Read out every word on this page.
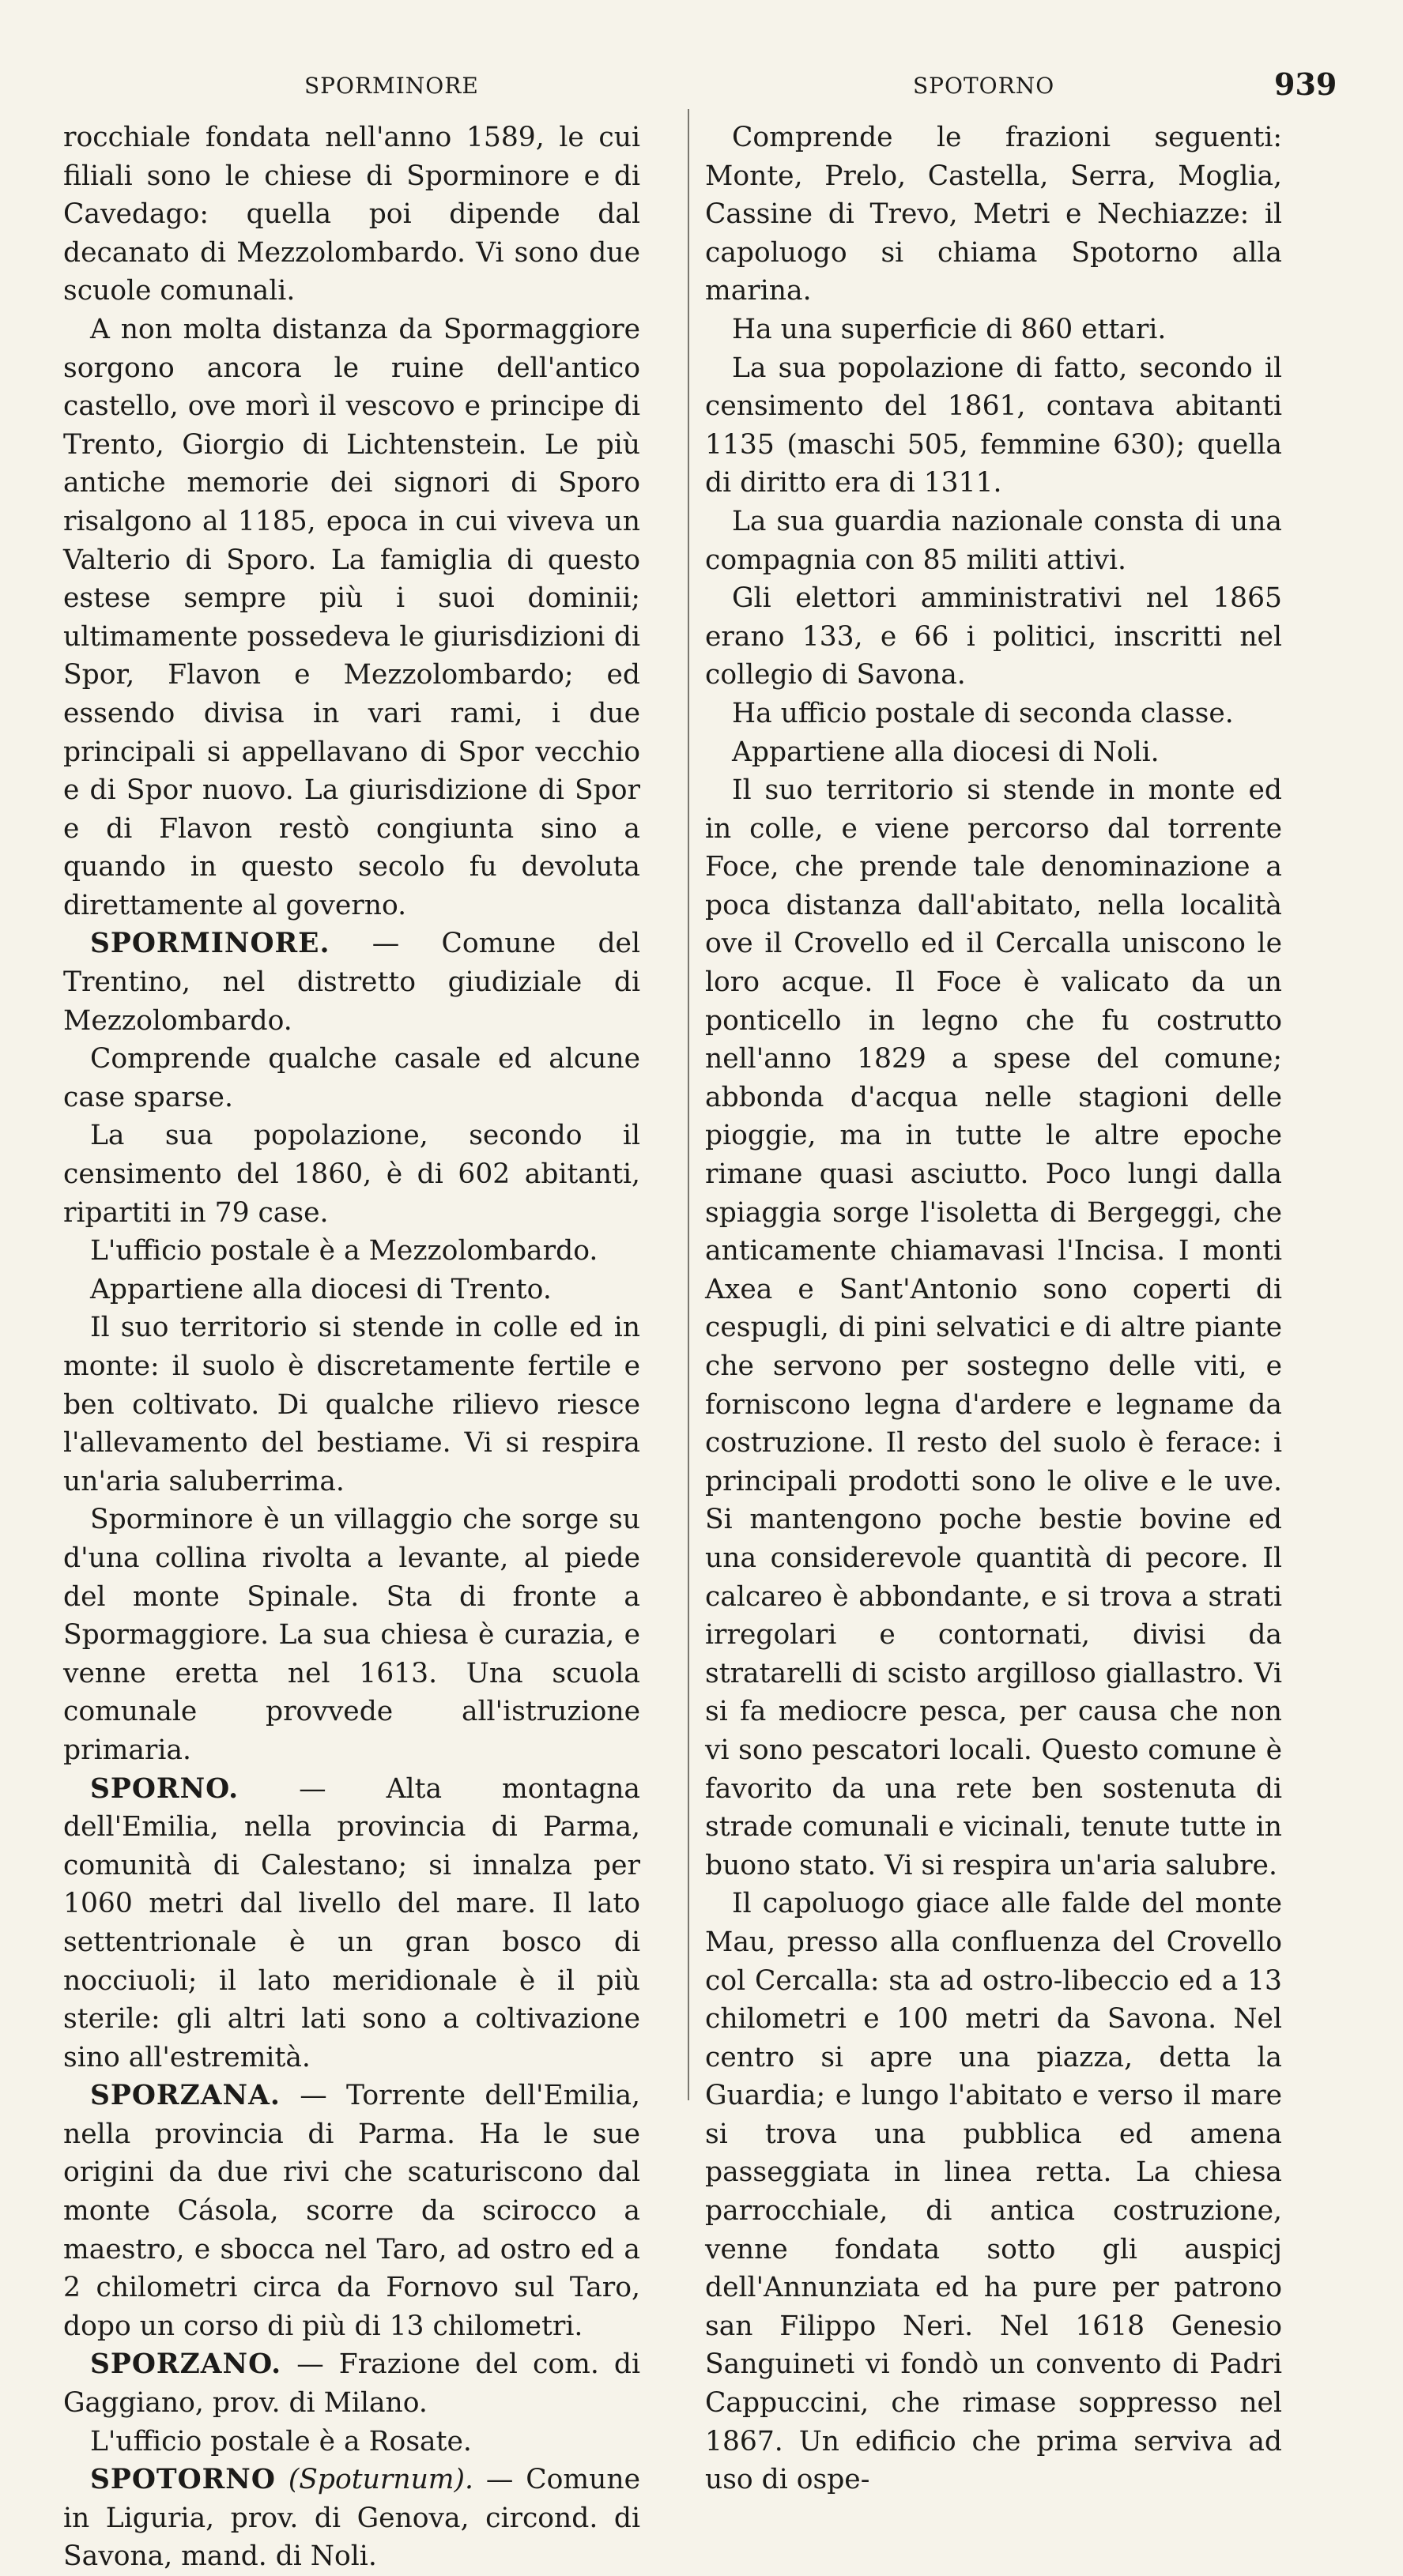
SPORMINORE	SPOTORNO	939

rocchiale fondata nell'anno 1589, le cui filiali sono le chiese di Sporminore e di Cavedago: quella poi dipende dal decanato di Mezzolombardo. Vi sono due scuole comunali.

A non molta distanza da Spormaggiore sorgono ancora le ruine dell'antico castello, ove morì il vescovo e principe di Trento, Giorgio di Lichtenstein. Le più antiche memorie dei signori di Sporo risalgono al 1185, epoca in cui viveva un Valterio di Sporo. La famiglia di questo estese sempre più i suoi dominii; ultimamente possedeva le giurisdizioni di Spor, Flavon e Mezzolombardo; ed essendo divisa in vari rami, i due principali si appellavano di Spor vecchio e di Spor nuovo. La giurisdizione di Spor e di Flavon restò congiunta sino a quando in questo secolo fu devoluta direttamente al governo.

SPORMINORE. — Comune del Trentino, nel distretto giudiziale di Mezzolombardo.

Comprende qualche casale ed alcune case sparse.

La sua popolazione, secondo il censimento del 1860, è di 602 abitanti, ripartiti in 79 case.

L'ufficio postale è a Mezzolombardo.

Appartiene alla diocesi di Trento.

Il suo territorio si stende in colle ed in monte: il suolo è discretamente fertile e ben coltivato. Di qualche rilievo riesce l'allevamento del bestiame. Vi si respira un'aria saluberrima.

Sporminore è un villaggio che sorge su d'una collina rivolta a levante, al piede del monte Spinale. Sta di fronte a Spormaggiore. La sua chiesa è curazia, e venne eretta nel 1613. Una scuola comunale provvede all'istruzione primaria.

SPORNO. — Alta montagna dell'Emilia, nella provincia di Parma, comunità di Calestano; si innalza per 1060 metri dal livello del mare. Il lato settentrionale è un gran bosco di nocciuoli; il lato meridionale è il più sterile: gli altri lati sono a coltivazione sino all'estremità.

SPORZANA. — Torrente dell'Emilia, nella provincia di Parma. Ha le sue origini da due rivi che scaturiscono dal monte Cásola, scorre da scirocco a maestro, e sbocca nel Taro, ad ostro ed a 2 chilometri circa da Fornovo sul Taro, dopo un corso di più di 13 chilometri.

SPORZANO. — Frazione del com. di Gaggiano, prov. di Milano.

L'ufficio postale è a Rosate.

SPOTORNO (Spoturnum). — Comune in Liguria, prov. di Genova, circond. di Savona, mand. di Noli.

Comprende le frazioni seguenti: Monte, Prelo, Castella, Serra, Moglia, Cassine di Trevo, Metri e Nechiazze: il capoluogo si chiama Spotorno alla marina.

Ha una superficie di 860 ettari.

La sua popolazione di fatto, secondo il censimento del 1861, contava abitanti 1135 (maschi 505, femmine 630); quella di diritto era di 1311.

La sua guardia nazionale consta di una compagnia con 85 militi attivi.

Gli elettori amministrativi nel 1865 erano 133, e 66 i politici, inscritti nel collegio di Savona.

Ha ufficio postale di seconda classe.

Appartiene alla diocesi di Noli.

Il suo territorio si stende in monte ed in colle, e viene percorso dal torrente Foce, che prende tale denominazione a poca distanza dall'abitato, nella località ove il Crovello ed il Cercalla uniscono le loro acque. Il Foce è valicato da un ponticello in legno che fu costrutto nell'anno 1829 a spese del comune; abbonda d'acqua nelle stagioni delle pioggie, ma in tutte le altre epoche rimane quasi asciutto. Poco lungi dalla spiaggia sorge l'isoletta di Bergeggi, che anticamente chiamavasi l'Incisa. I monti Axea e Sant'Antonio sono coperti di cespugli, di pini selvatici e di altre piante che servono per sostegno delle viti, e forniscono legna d'ardere e legname da costruzione. Il resto del suolo è ferace: i principali prodotti sono le olive e le uve. Si mantengono poche bestie bovine ed una considerevole quantità di pecore. Il calcareo è abbondante, e si trova a strati irregolari e contornati, divisi da stratarelli di scisto argilloso giallastro. Vi si fa mediocre pesca, per causa che non vi sono pescatori locali. Questo comune è favorito da una rete ben sostenuta di strade comunali e vicinali, tenute tutte in buono stato. Vi si respira un'aria salubre.

Il capoluogo giace alle falde del monte Mau, presso alla confluenza del Crovello col Cercalla: sta ad ostro-libeccio ed a 13 chilometri e 100 metri da Savona. Nel centro si apre una piazza, detta la Guardia; e lungo l'abitato e verso il mare si trova una pubblica ed amena passeggiata in linea retta. La chiesa parrocchiale, di antica costruzione, venne fondata sotto gli auspicj dell'Annunziata ed ha pure per patrono san Filippo Neri. Nel 1618 Genesio Sanguineti vi fondò un convento di Padri Cappuccini, che rimase soppresso nel 1867. Un edificio che prima serviva ad uso di ospe-
